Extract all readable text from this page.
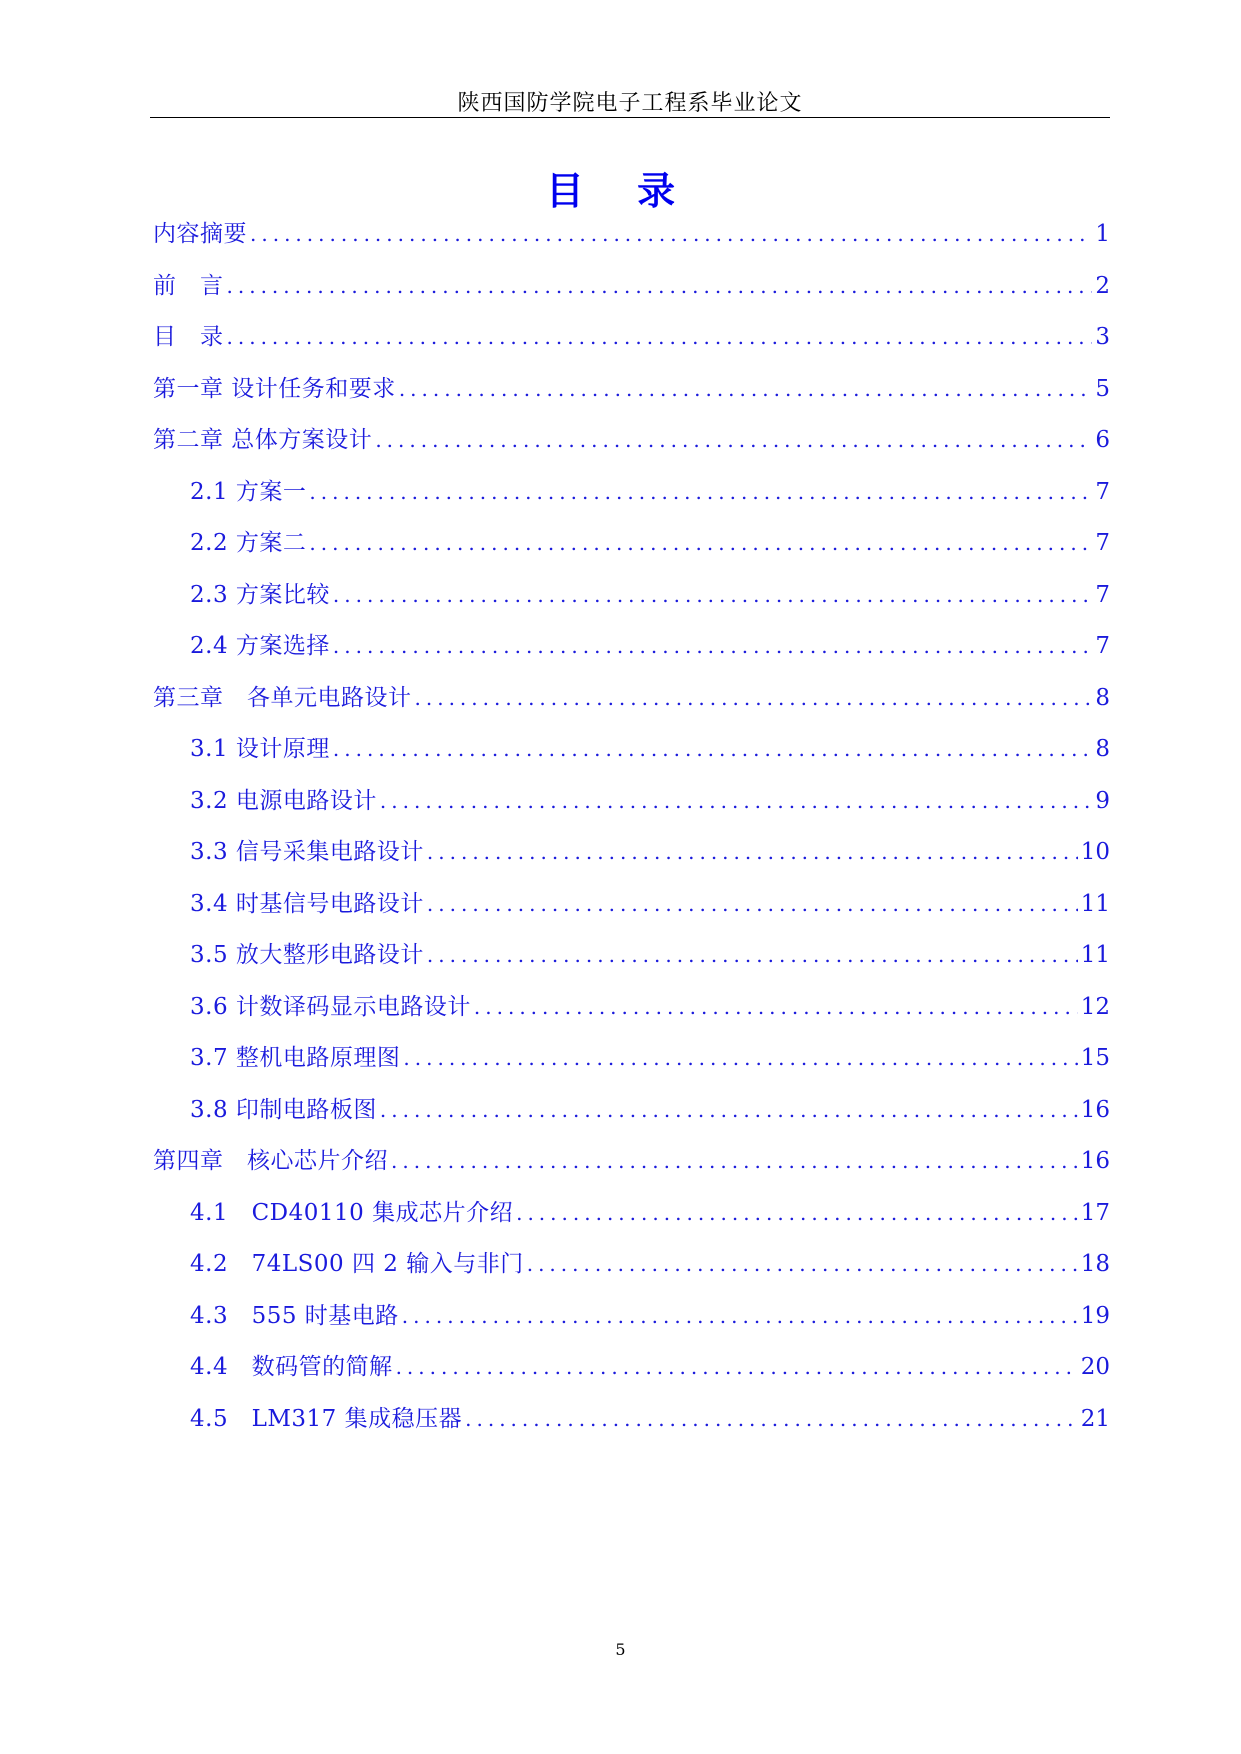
陕西国防学院电子工程系毕业论文
目 录
内容摘要 .....	1
前　言 .....	2
目　录 .....	3
第一章 设计任务和要求 .....	5
第二章 总体方案设计 .....	6
2.1 方案一 .....	7
2.2 方案二 .....	7
2.3 方案比较 .....	7
2.4 方案选择 .....	7
第三章　各单元电路设计 .....	8
3.1 设计原理 .....	8
3.2 电源电路设计 .....	9
3.3 信号采集电路设计 .....	10
3.4 时基信号电路设计 .....	11
3.5 放大整形电路设计 .....	11
3.6 计数译码显示电路设计 .....	12
3.7 整机电路原理图 .....	15
3.8 印制电路板图 .....	16
第四章　核心芯片介绍 .....	16
4.1　CD40110 集成芯片介绍 .....	17
4.2　74LS00 四 2 输入与非门 .....	18
4.3　555 时基电路 .....	19
4.4　数码管的简解 .....	20
4.5　LM317 集成稳压器 .....	21
5
